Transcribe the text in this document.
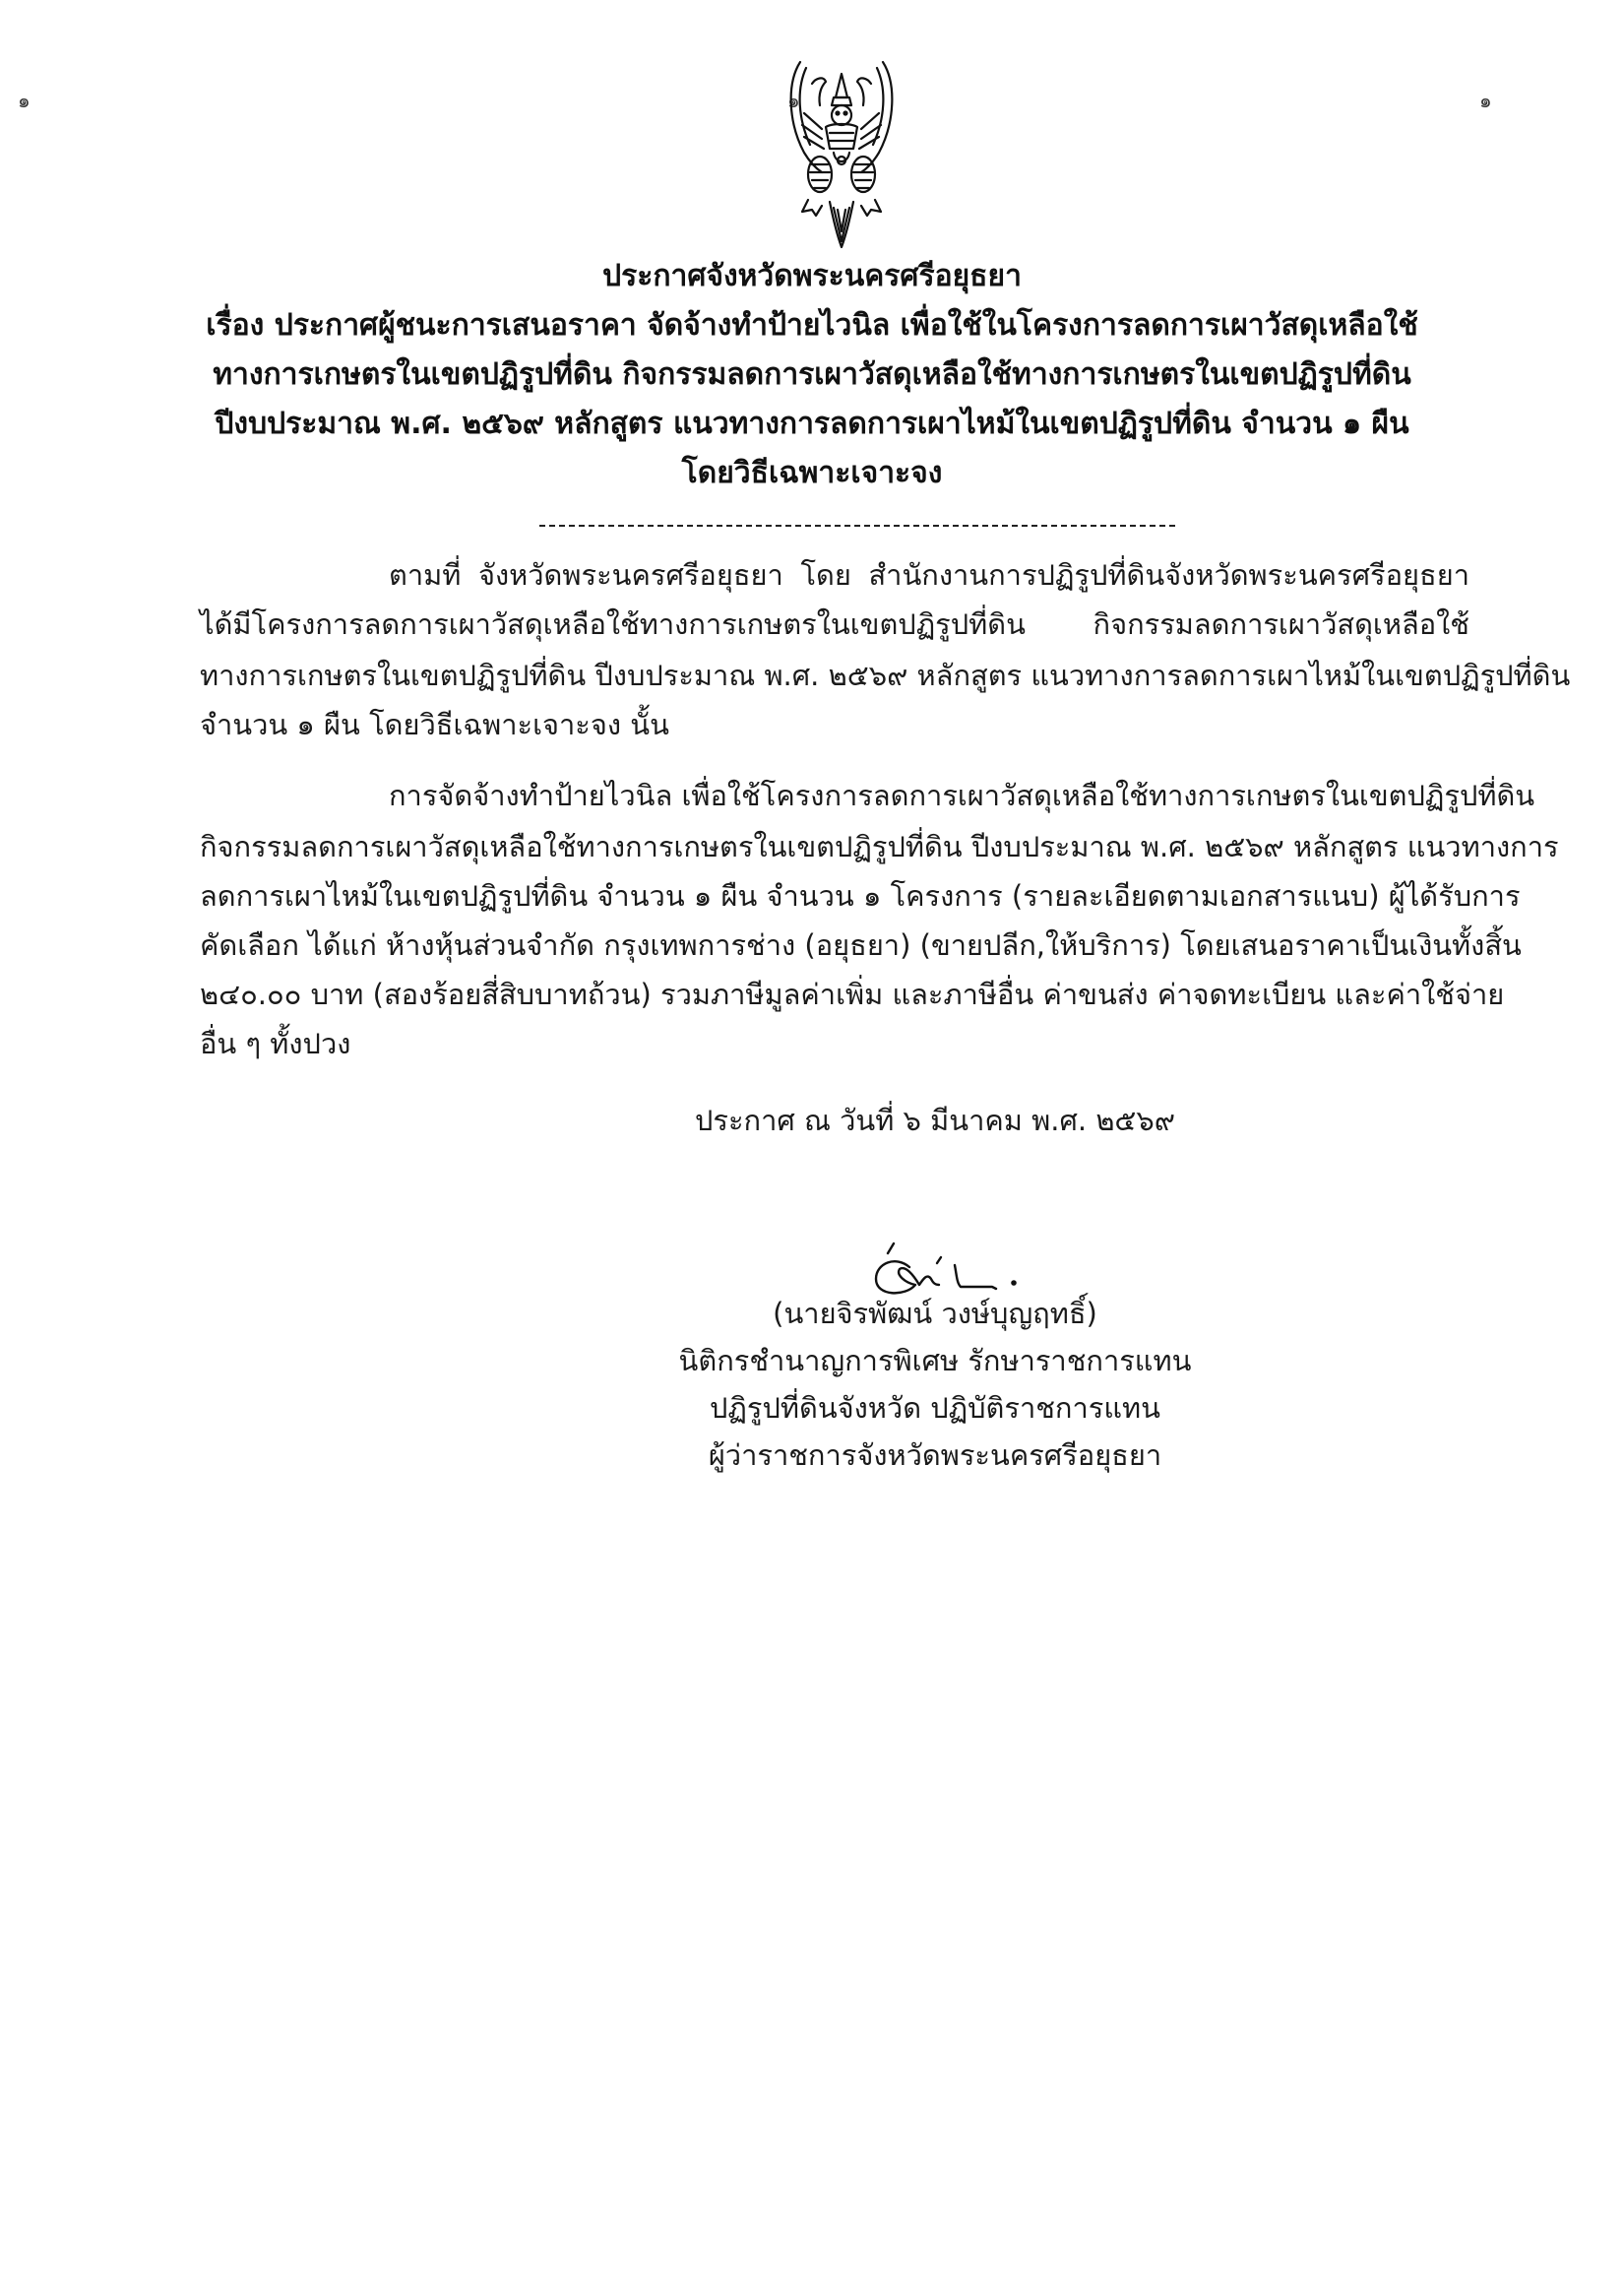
๑	๑	๑
ประกาศจังหวัดพระนครศรีอยุธยา
เรื่อง ประกาศผู้ชนะการเสนอราคา จัดจ้างทำป้ายไวนิล เพื่อใช้ในโครงการลดการเผาวัสดุเหลือใช้
ทางการเกษตรในเขตปฏิรูปที่ดิน กิจกรรมลดการเผาวัสดุเหลือใช้ทางการเกษตรในเขตปฏิรูปที่ดิน
ปีงบประมาณ พ.ศ. ๒๕๖๙ หลักสูตร แนวทางการลดการเผาไหม้ในเขตปฏิรูปที่ดิน จำนวน ๑ ผืน
โดยวิธีเฉพาะเจาะจง
ตามที่ จังหวัดพระนครศรีอยุธยา โดย สำนักงานการปฏิรูปที่ดินจังหวัดพระนครศรีอยุธยา
ได้มีโครงการลดการเผาวัสดุเหลือใช้ทางการเกษตรในเขตปฏิรูปที่ดิน กิจกรรมลดการเผาวัสดุเหลือใช้
ทางการเกษตรในเขตปฏิรูปที่ดิน ปีงบประมาณ พ.ศ. ๒๕๖๙ หลักสูตร แนวทางการลดการเผาไหม้ในเขตปฏิรูปที่ดิน
จำนวน ๑ ผืน โดยวิธีเฉพาะเจาะจง นั้น
การจัดจ้างทำป้ายไวนิล เพื่อใช้โครงการลดการเผาวัสดุเหลือใช้ทางการเกษตรในเขตปฏิรูปที่ดิน
กิจกรรมลดการเผาวัสดุเหลือใช้ทางการเกษตรในเขตปฏิรูปที่ดิน ปีงบประมาณ พ.ศ. ๒๕๖๙ หลักสูตร แนวทางการ
ลดการเผาไหม้ในเขตปฏิรูปที่ดิน จำนวน ๑ ผืน จำนวน ๑ โครงการ (รายละเอียดตามเอกสารแนบ) ผู้ได้รับการ
คัดเลือก ได้แก่ ห้างหุ้นส่วนจำกัด กรุงเทพการช่าง (อยุธยา) (ขายปลีก,ให้บริการ) โดยเสนอราคาเป็นเงินทั้งสิ้น
๒๔๐.๐๐ บาท (สองร้อยสี่สิบบาทถ้วน) รวมภาษีมูลค่าเพิ่ม และภาษีอื่น ค่าขนส่ง ค่าจดทะเบียน และค่าใช้จ่าย
อื่น ๆ ทั้งปวง
ประกาศ ณ วันที่ ๖ มีนาคม พ.ศ. ๒๕๖๙
(นายจิรพัฒน์ วงษ์บุญฤทธิ์)
นิติกรชำนาญการพิเศษ รักษาราชการแทน
ปฏิรูปที่ดินจังหวัด ปฏิบัติราชการแทน
ผู้ว่าราชการจังหวัดพระนครศรีอยุธยา
